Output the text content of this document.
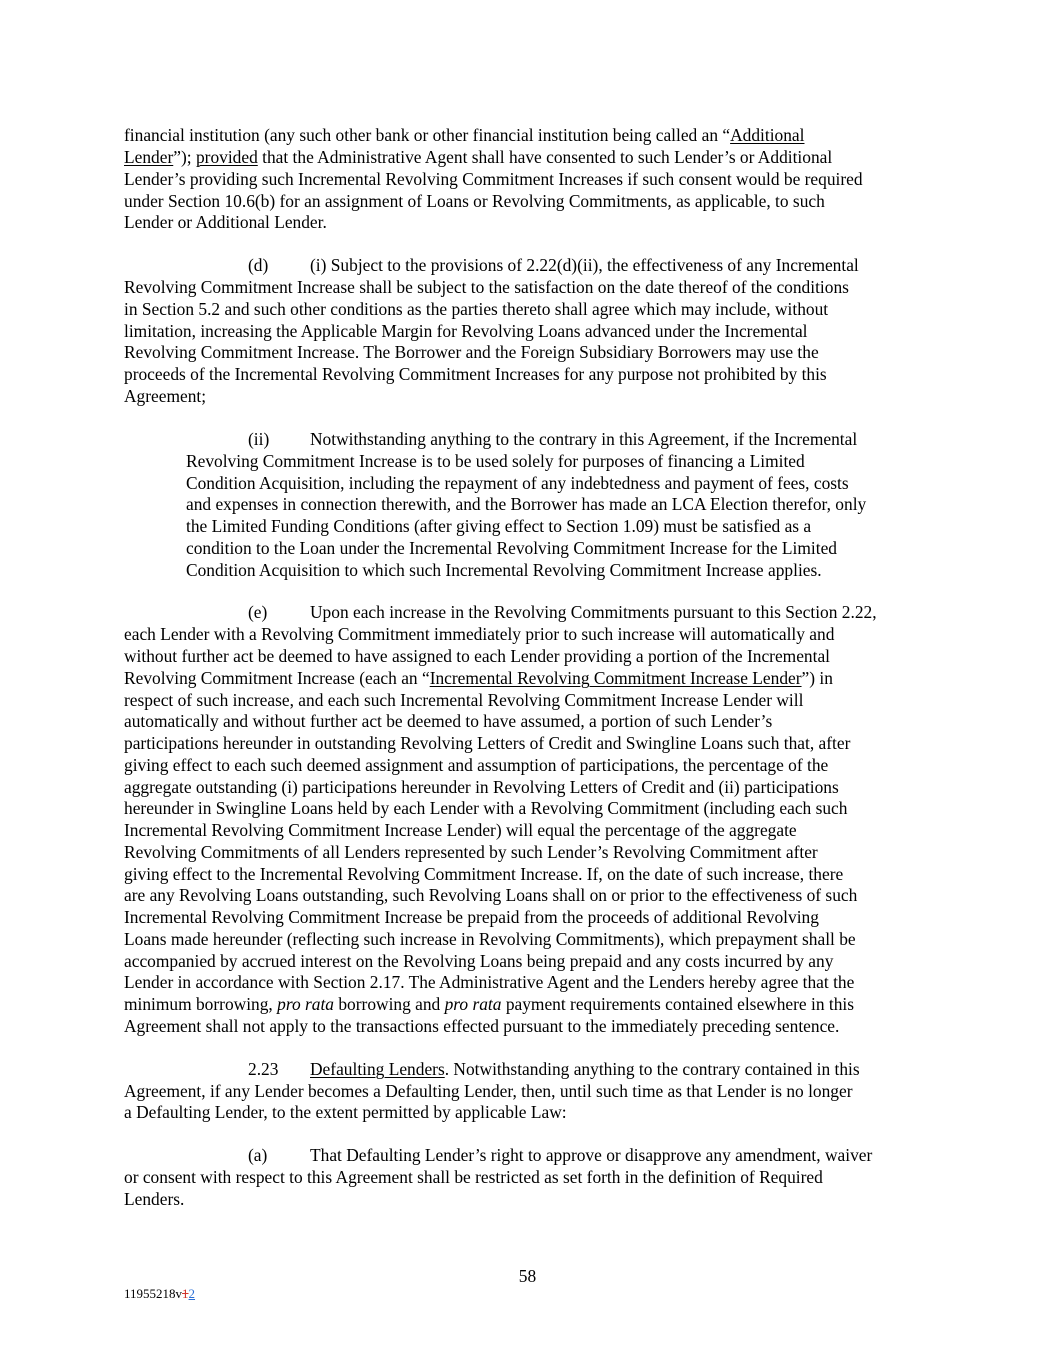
financial institution (any such other bank or other financial institution being called an “Additional
Lender”); provided that the Administrative Agent shall have consented to such Lender’s or Additional
Lender’s providing such Incremental Revolving Commitment Increases if such consent would be required
under Section 10.6(b) for an assignment of Loans or Revolving Commitments, as applicable, to such
Lender or Additional Lender.
(d) (i) Subject to the provisions of 2.22(d)(ii), the effectiveness of any Incremental
Revolving Commitment Increase shall be subject to the satisfaction on the date thereof of the conditions
in Section 5.2 and such other conditions as the parties thereto shall agree which may include, without
limitation, increasing the Applicable Margin for Revolving Loans advanced under the Incremental
Revolving Commitment Increase. The Borrower and the Foreign Subsidiary Borrowers may use the
proceeds of the Incremental Revolving Commitment Increases for any purpose not prohibited by this
Agreement;
(ii) Notwithstanding anything to the contrary in this Agreement, if the Incremental
Revolving Commitment Increase is to be used solely for purposes of financing a Limited
Condition Acquisition, including the repayment of any indebtedness and payment of fees, costs
and expenses in connection therewith, and the Borrower has made an LCA Election therefor, only
the Limited Funding Conditions (after giving effect to Section 1.09) must be satisfied as a
condition to the Loan under the Incremental Revolving Commitment Increase for the Limited
Condition Acquisition to which such Incremental Revolving Commitment Increase applies.
(e) Upon each increase in the Revolving Commitments pursuant to this Section 2.22,
each Lender with a Revolving Commitment immediately prior to such increase will automatically and
without further act be deemed to have assigned to each Lender providing a portion of the Incremental
Revolving Commitment Increase (each an “Incremental Revolving Commitment Increase Lender”) in
respect of such increase, and each such Incremental Revolving Commitment Increase Lender will
automatically and without further act be deemed to have assumed, a portion of such Lender’s
participations hereunder in outstanding Revolving Letters of Credit and Swingline Loans such that, after
giving effect to each such deemed assignment and assumption of participations, the percentage of the
aggregate outstanding (i) participations hereunder in Revolving Letters of Credit and (ii) participations
hereunder in Swingline Loans held by each Lender with a Revolving Commitment (including each such
Incremental Revolving Commitment Increase Lender) will equal the percentage of the aggregate
Revolving Commitments of all Lenders represented by such Lender’s Revolving Commitment after
giving effect to the Incremental Revolving Commitment Increase. If, on the date of such increase, there
are any Revolving Loans outstanding, such Revolving Loans shall on or prior to the effectiveness of such
Incremental Revolving Commitment Increase be prepaid from the proceeds of additional Revolving
Loans made hereunder (reflecting such increase in Revolving Commitments), which prepayment shall be
accompanied by accrued interest on the Revolving Loans being prepaid and any costs incurred by any
Lender in accordance with Section 2.17. The Administrative Agent and the Lenders hereby agree that the
minimum borrowing, pro rata borrowing and pro rata payment requirements contained elsewhere in this
Agreement shall not apply to the transactions effected pursuant to the immediately preceding sentence.
2.23 Defaulting Lenders. Notwithstanding anything to the contrary contained in this
Agreement, if any Lender becomes a Defaulting Lender, then, until such time as that Lender is no longer
a Defaulting Lender, to the extent permitted by applicable Law:
(a) That Defaulting Lender’s right to approve or disapprove any amendment, waiver
or consent with respect to this Agreement shall be restricted as set forth in the definition of Required
Lenders.
58
11955218v12
